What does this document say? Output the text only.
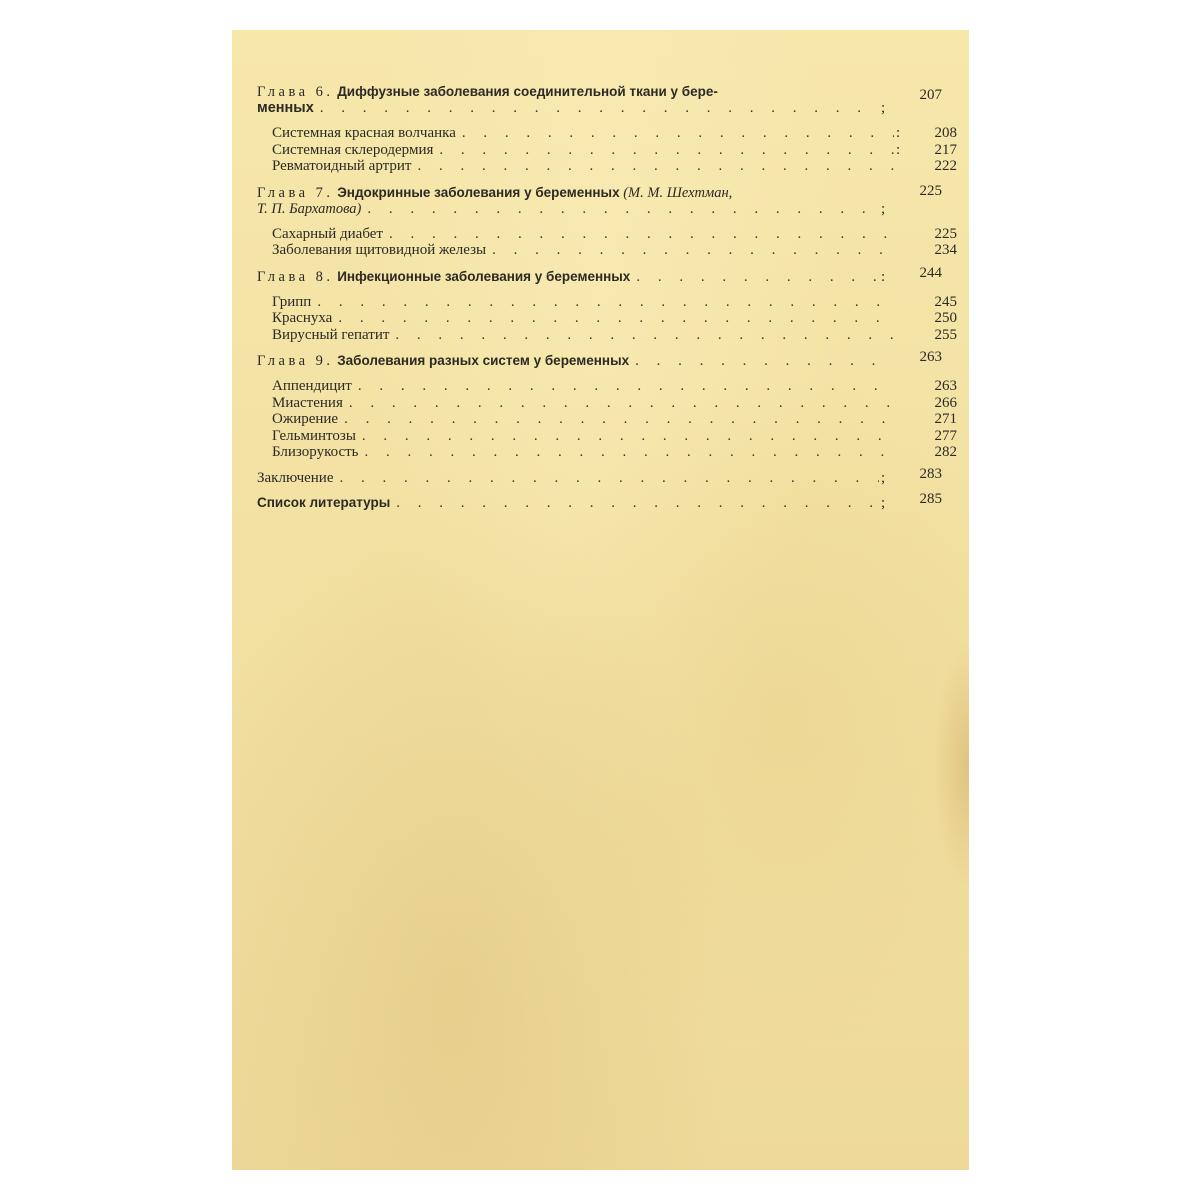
Глава 6. Диффузные заболевания соединительной ткани у бере-
менных . . .	;
207
Системная красная волчанка . . .	:	208
Системная склеродермия . . .	:	217
Ревматоидный артрит . . .	222
Глава 7. Эндокринные заболевания у беременных (М. М. Шехтман,
Т. П. Бархатова) . . .	;
225
Сахарный диабет . . .	225
Заболевания щитовидной железы . . .	234
Глава 8. Инфекционные заболевания у беременных . . .	:	244
Грипп . . .	245
Краснуха . . .	250
Вирусный гепатит . . .	255
Глава 9. Заболевания разных систем у беременных . . .	263
Аппендицит . . .	263
Миастения . . .	266
Ожирение . . .	271
Гельминтозы . . .	277
Близорукость . . .	282
Заключение . . .	;	283
Список литературы . . .	;	285
